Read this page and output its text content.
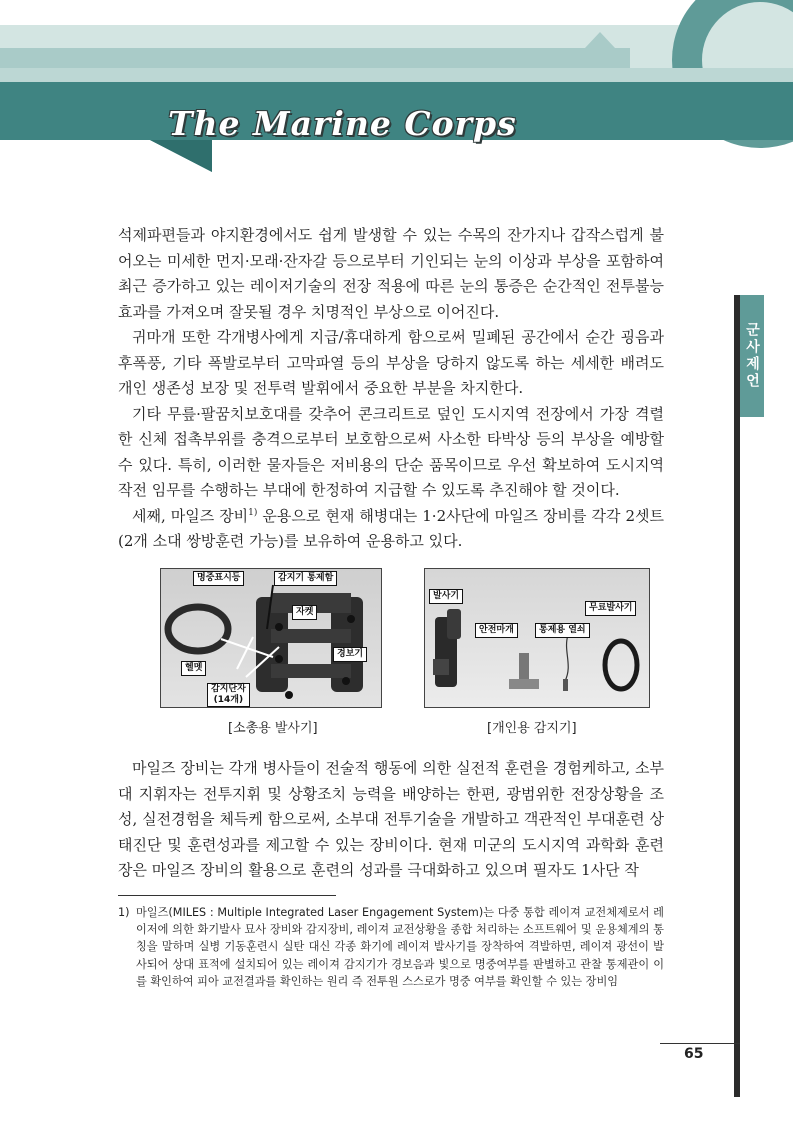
The Marine Corps
군사제언

석제파편들과 야지환경에서도 쉽게 발생할 수 있는 수목의 잔가지나 갑작스럽게 불어오는 미세한 먼지·모래·잔자갈 등으로부터 기인되는 눈의 이상과 부상을 포함하여 최근 증가하고 있는 레이저기술의 전장 적용에 따른 눈의 통증은 순간적인 전투불능 효과를 가져오며 잘못될 경우 치명적인 부상으로 이어진다.

귀마개 또한 각개병사에게 지급/휴대하게 함으로써 밀폐된 공간에서 순간 굉음과 후폭풍, 기타 폭발로부터 고막파열 등의 부상을 당하지 않도록 하는 세세한 배려도 개인 생존성 보장 및 전투력 발휘에서 중요한 부분을 차지한다.

기타 무릎·팔꿈치보호대를 갖추어 콘크리트로 덮인 도시지역 전장에서 가장 격렬한 신체 접촉부위를 충격으로부터 보호함으로써 사소한 타박상 등의 부상을 예방할 수 있다. 특히, 이러한 물자들은 저비용의 단순 품목이므로 우선 확보하여 도시지역작전 임무를 수행하는 부대에 한정하여 지급할 수 있도록 추진해야 할 것이다.

세째, 마일즈 장비$^{1)}$ 운용으로 현재 해병대는 1·2사단에 마일즈 장비를 각각 2셋트(2개 소대 쌍방훈련 가능)를 보유하여 운용하고 있다.

명중표시등	감지기 통제함
자켓
경보기
헬멧
감지단자
(14개)
발사기
안전마개	통제용 열쇠
무료발사기
[소총용 발사기]	[개인용 감지기]

마일즈 장비는 각개 병사들이 전술적 행동에 의한 실전적 훈련을 경험케하고, 소부대 지휘자는 전투지휘 및 상황조치 능력을 배양하는 한편, 광범위한 전장상황을 조성, 실전경험을 체득케 함으로써, 소부대 전투기술을 개발하고 객관적인 부대훈련 상태진단 및 훈련성과를 제고할 수 있는 장비이다. 현재 미군의 도시지역 과학화 훈련장은 마일즈 장비의 활용으로 훈련의 성과를 극대화하고 있으며 필자도 1사단 작

1) 마일즈(MILES : Multiple Integrated Laser Engagement System)는 다중 통합 레이져 교전체제로서 레이저에 의한 화기발사 묘사 장비와 감지장비, 레이져 교전상황을 종합 처리하는 소프트웨어 및 운용체계의 통칭을 말하며 실병 기동훈련시 실탄 대신 각종 화기에 레이져 발사기를 장착하여 격발하면, 레이져 광선이 발사되어 상대 표적에 설치되어 있는 레이져 감지기가 경보음과 빛으로 명중여부를 판별하고 관찰 통제관이 이를 확인하여 피아 교전결과를 확인하는 원리 즉 전투원 스스로가 명중 여부를 확인할 수 있는 장비임
65
